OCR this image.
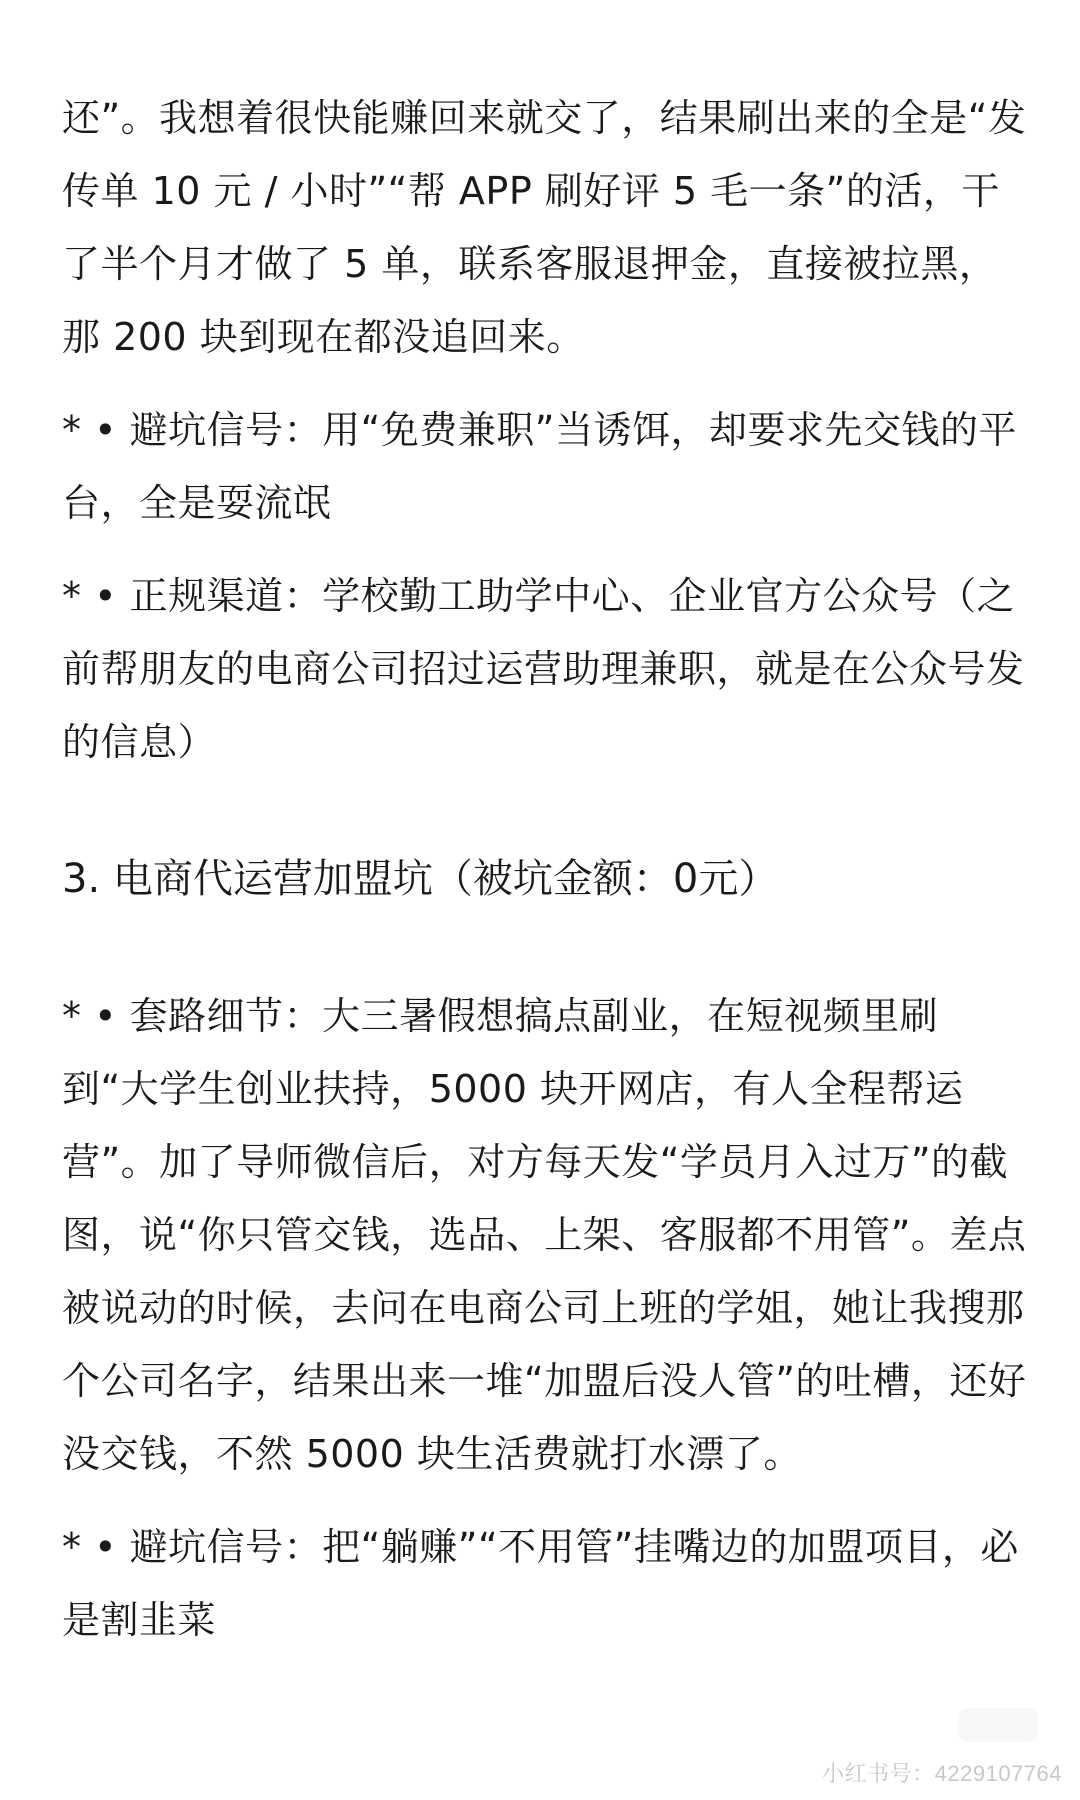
还”。我想着很快能赚回来就交了，结果刷出来的全是“发传单 10 元 / 小时”“帮 APP 刷好评 5 毛一条”的活，干了半个月才做了 5 单，联系客服退押金，直接被拉黑，那 200 块到现在都没追回来。

* • 避坑信号：用“免费兼职”当诱饵，却要求先交钱的平台，全是耍流氓

* • 正规渠道：学校勤工助学中心、企业官方公众号（之前帮朋友的电商公司招过运营助理兼职，就是在公众号发的信息）

3. 电商代运营加盟坑（被坑金额：0元）

* • 套路细节：大三暑假想搞点副业，在短视频里刷到“大学生创业扶持，5000 块开网店，有人全程帮运营”。加了导师微信后，对方每天发“学员月入过万”的截图，说“你只管交钱，选品、上架、客服都不用管”。差点被说动的时候，去问在电商公司上班的学姐，她让我搜那个公司名字，结果出来一堆“加盟后没人管”的吐槽，还好没交钱，不然 5000 块生活费就打水漂了。

* • 避坑信号：把“躺赚”“不用管”挂嘴边的加盟项目，必是割韭菜

小红书号：4229107764
